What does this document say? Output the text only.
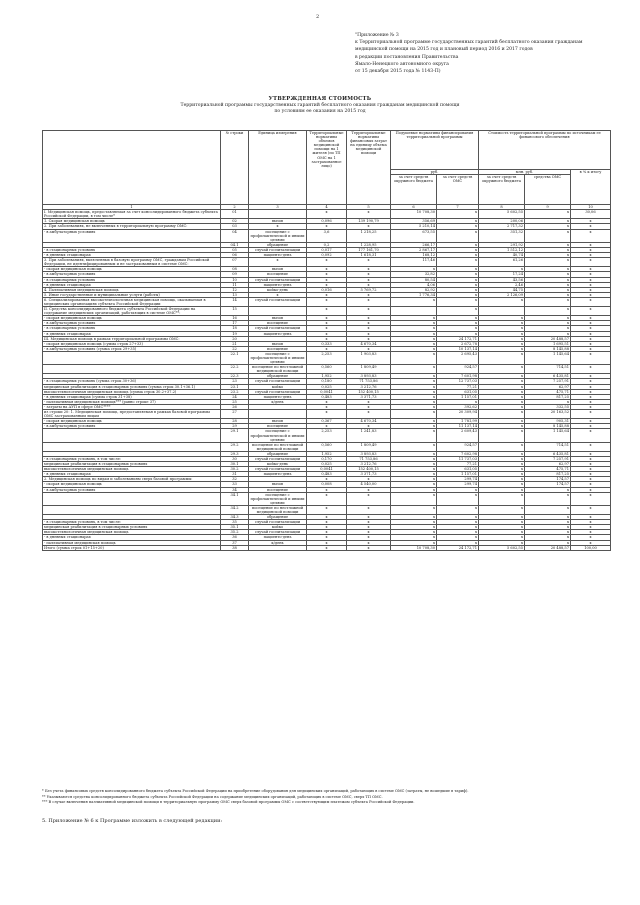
2
"Приложение № 3
к Территориальной программе государственных гарантий бесплатного оказания гражданам
медицинской помощи на 2015 год и плановый период 2016 и 2017 годов
в редакции постановления Правительства
Ямало-Ненецкого автономного округа
от 15 декабря 2015 года № 1143-П)
УТВЕРЖДЕННАЯ СТОИМОСТЬ
Территориальной программы государственных гарантий бесплатного оказания гражданам медицинской помощи по условиям ее оказания на 2015 год
	№ строки	Единица измерения	Территориальные нормативы объемов медицинской помощи на 1 жителя (по ТП ОМС на 1 застрахованное лицо)	Территориальные нормативы финансовых затрат на единицу объема медицинской помощи	Подушевые нормативы финансирования территориальной программы		Стоимость территориальной программы по источникам ее финансового обеспечения		
					руб.		млн. руб.		в % к итогу
					за счет средств окружного бюджета	за счет средств ОМС	за счет средств окружного бюджета	средства ОМС	
1	2	3	4	5	6	7	8	9	10
I. Медицинская помощь, предоставляемая за счет консолидированного бюджета субъекта Российской Федерации, в том числе*	01		x	x	10 708,30	x	5 602,55	x	30,06
1. Скорая медицинская помощь	02	вызов	0,096	139 190,79	356,69	x	200,06	x	x
2. При заболеваниях, не включенных в территориальную программу ОМС:	03	x	x	x	5 210,14	x	2 717,32	x	x
- в амбулаторных условиях	04	посещение с профилактической и иными целями	3,6	1 218,25	673,55	x	351,32	x	x
	04.1	обращение	0,2	1 228,95	266,17	x	291,92	x	x
- в стационарных условиях	05	случай госпитализации	0,017	177 161,70	2 867,17	x	1 512,12	x	x
- в дневных стационарах	06	пациенто-день	0,092	1 618,31	168,12	x	40,74	x	x
3. При заболеваниях, включенных в базовую программу ОМС, гражданам Российской Федерации, не идентифицированным и не застрахованным в системе ОМС:	07	x	x	x	117,46	x	61,26	x	x
- скорая медицинская помощь	08	вызов	x	x	x	x	x	x	x
- в амбулаторных условиях	09	посещение	x	x	32,82	x	17,24	x	x
- в стационарных условиях	10	случай госпитализации	x	x	80,54	x	43,56	x	x
- в дневных стационарах	11	пациенто-день	x	x	4,06	x	2,46	x	x
4. Паллиативная медицинская помощь	12	койко-день	0,016	5 769,72	82,92	x	44,75	x	x
5. Иные государственные и муниципальные услуги (работы)	13	x	x	x	1 776,34	x	2 126,09	x	x
6. Специализированная высокотехнологичная медицинская помощь, оказываемая в медицинских организациях субъекта Российской Федерации	14	случай госпитализации	x	x	x	x	x	x	x
II. Средства консолидированного бюджета субъекта Российской Федерации на содержание медицинских организаций, работающих в системе ОМС**:	15		x	x		x		x	x
- скорая медицинская помощь	16	вызов	x	x	x	x	x	x	x
- в амбулаторных условиях	17	посещение	x	x	x	x	x	x	x
- в стационарных условиях	18	случай госпитализации	x	x	x	x	x	x	x
- в дневных стационарах	19	пациенто-день	x	x	x	x	x	x	x
III. Медицинская помощь в рамках территориальной программы ОМС:	20		x	x	x	24 172,71	x	20 488,57	x
- скорая медицинская помощь (сумма строк 27+33)	21	вызов	0,333	4 670,34	x	2 672,78	x	1 695,51	x
- в амбулаторных условиях (сумма строк 29+35)	22	посещение	x	x	x	10 137,14	x	8 145,88	x
	22.1	посещение с профилактической и иными целями	2,253	1 903,83	x	2 695,43	x	1 145,64	x
	22.2	посещение по неотложной медицинской помощи	0,560	1 809,49	x	924,57	x	714,51	x
	22.3	обращение	1,952	3 893,83	x	7 601,98	x	6 435,81	x
- в стационарных условиях (сумма строк 30+36)	23	случай госпитализации	0,180	71 753,86	x	12 737,03	x	7 257,91	x
медицинская реабилитация в стационарных условиях (сумма строк 30.1+36.1)	23.1	койко	0,025	3 212,76	x	77,21	x	62,97	x
высокотехнологичная медицинская помощь (сумма строк 30.2+37.2)	23.2	случай госпитализации	0,0041	152 400,15	x	631,05	x	475,71	x
- в дневных стационарах (сумма строк 31+38)	24	пациенто-день	0,483	3 371,73	x	1 157,01	x	817,25	x
- паллиативная медицинская помощь*** (равно строке 37)	25	к/день	x	x	x	x	x	x	x
- затраты на АУП в сфере ОМС****	26		x	x	x	392,62	x	332,55	x
из строки 20: 1. Медицинская помощь, предоставляемая в рамках базовой программы ОМС застрахованным лицам	27		x	x	x	20 309,94	x	20 163,52	x
- скорая медицинская помощь	28	вызов	0,367	4 670,34	x	1 781,99	x	905,31	x
- в амбулаторных условиях	29	посещение	x	x	x	11 137,14	x	8 145,88	x
	29.1	посещение с профилактической и иными целями	2,253	1 241,83	x	2 609,43	x	1 145,64	x
	29.2	посещение по неотложной медицинской помощи	0,560	1 809,49	x	924,57	x	714,51	x
	29.3	обращение	1,952	3 893,83	x	7 602,98	x	6 435,81	x
- в стационарных условиях, в том числе:	30	случай госпитализации	0,170	71 753,86	x	11 737,03	x	7 257,91	x
медицинская реабилитация в стационарных условиях	30.1	койко-день	0,025	3 212,76	x	77,21	x	62,97	x
высокотехнологичная медицинская помощь	30.2	случай госпитализации	0,0041	152 400,15	x	631,05	x	475,71	x
- в дневных стационарах	31	пациенто-день	0,483	3 371,73	x	1 157,01	x	817,25	x
2. Медицинская помощь по видам и заболеваниям сверх базовой программы:	32		x	x	x	299,74	x	174,57	x
- скорая медицинская помощь	33	вызов	0,008	4 540,00	x	299,74	x	174,57	x
- в амбулаторных условиях	34	посещение	x	x	x	x	x	x	x
	34.1	посещение с профилактической и иными целями	x	x	x	x	x	x	x
	34.2	посещение по неотложной медицинской помощи	x	x	x	x	x	x	x
	34.3	обращение	x	x	x	x	x	x	x
- в стационарных условиях, в том числе:	35	случай госпитализации	x	x	x	x	x	x	x
медицинская реабилитация в стационарных условиях	35.1	койко	x	x	x	x	x	x	x
высокотехнологичная медицинская помощь	35.2	случай госпитализации	x	x	x	x	x	x	x
- в дневных стационарах	36	пациенто-день	x	x	x	x	x	x	x
- паллиативная медицинская помощь	37	к/день	x	x	x	x	x	x	x
Итого (сумма строк 01+15+20)	38		x	x	10 708,30	24 172,71	5 602,55	20 488,57	100,00
* Без учета финансовых средств консолидированного бюджета субъекта Российской Федерации на приобретение оборудования для медицинских организаций, работающих в системе ОМС (затраты, не вошедшие в тариф).
** Указываются средства консолидированного бюджета субъекта Российской Федерации на содержание медицинских организаций, работающих в системе ОМС, сверх ТП ОМС.
*** В случае включения паллиативной медицинской помощи в территориальную программу ОМС сверх базовой программы ОМС с соответствующим платежом субъекта Российской Федерации.
5. Приложение № 6 к Программе изложить в следующей редакции:
